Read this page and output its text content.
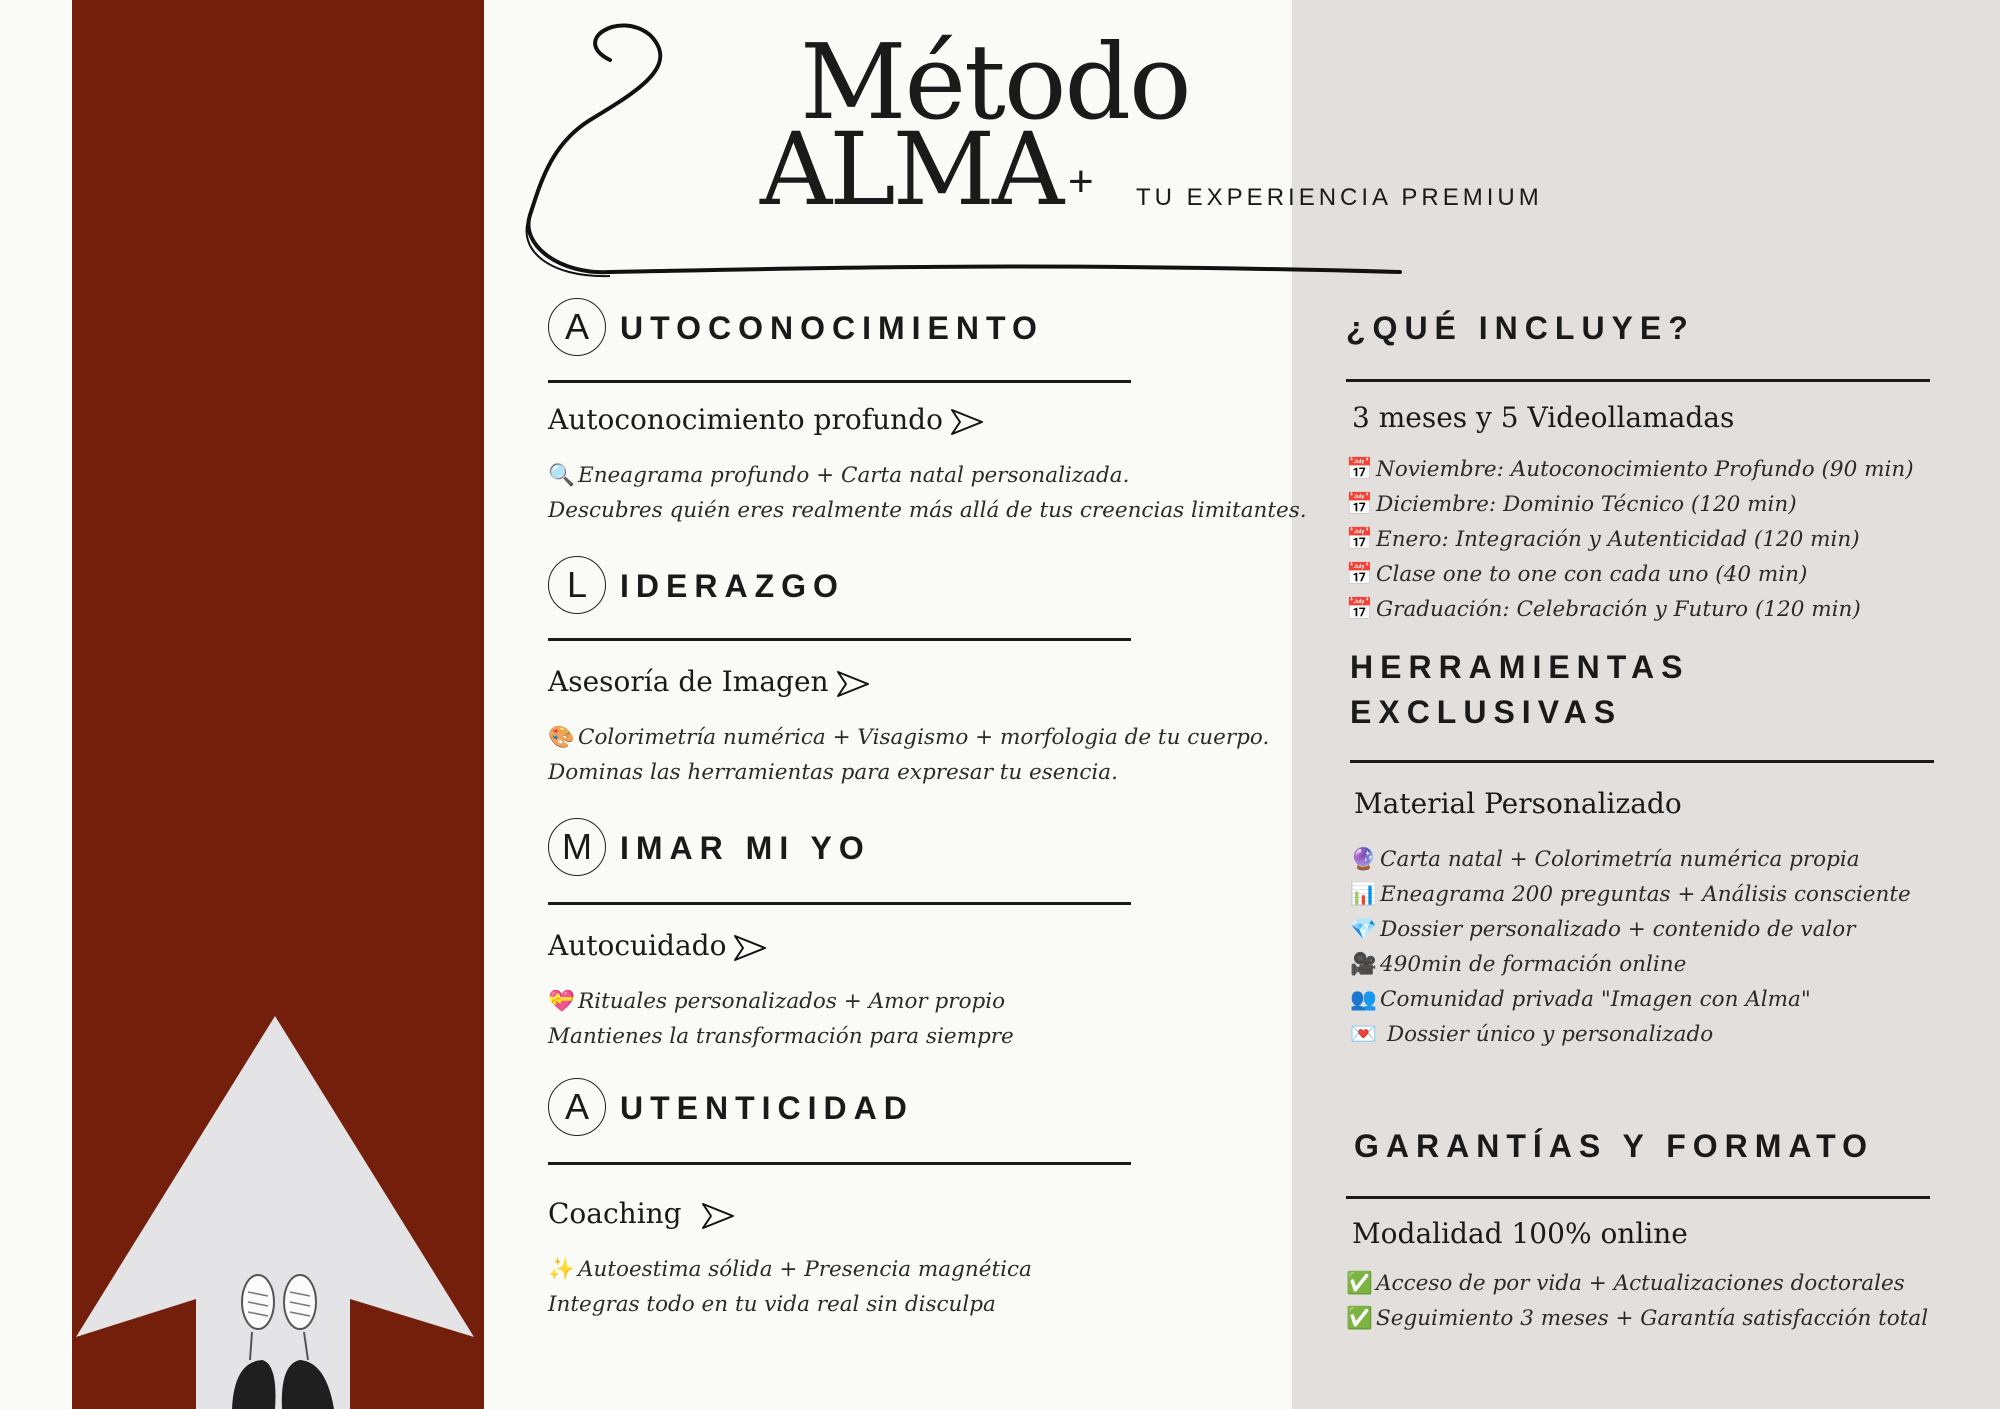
Método
ALMA + TU EXPERIENCIA PREMIUM
A UTOCONOCIMIENTO
Autoconocimiento profundo
🔍 Eneagrama profundo + Carta natal personalizada.
Descubres quién eres realmente más allá de tus creencias limitantes.
L	IDERAZGO
Asesoría de Imagen
🎨 Colorimetría numérica + Visagismo + morfologia de tu cuerpo.
Dominas las herramientas para expresar tu esencia.
M IMAR MI YO
Autocuidado
💝 Rituales personalizados + Amor propio
Mantienes la transformación para siempre
A UTENTICIDAD
Coaching
✨ Autoestima sólida + Presencia magnética
Integras todo en tu vida real sin disculpa
¿QUÉ INCLUYE?
3 meses y 5 Videollamadas
📅 Noviembre: Autoconocimiento Profundo (90 min)
📅 Diciembre: Dominio Técnico (120 min)
📅 Enero: Integración y Autenticidad (120 min)
📅 Clase one to one con cada uno (40 min)
📅 Graduación: Celebración y Futuro (120 min)
HERRAMIENTAS
EXCLUSIVAS
Material Personalizado
🔮 Carta natal + Colorimetría numérica propia
📊 Eneagrama 200 preguntas + Análisis consciente
💎 Dossier personalizado + contenido de valor
🎥 490min de formación online
👥 Comunidad privada "Imagen con Alma"
💌 Dossier único y personalizado
GARANTÍAS Y FORMATO
Modalidad 100% online
✅ Acceso de por vida + Actualizaciones doctorales
✅ Seguimiento 3 meses + Garantía satisfacción total
